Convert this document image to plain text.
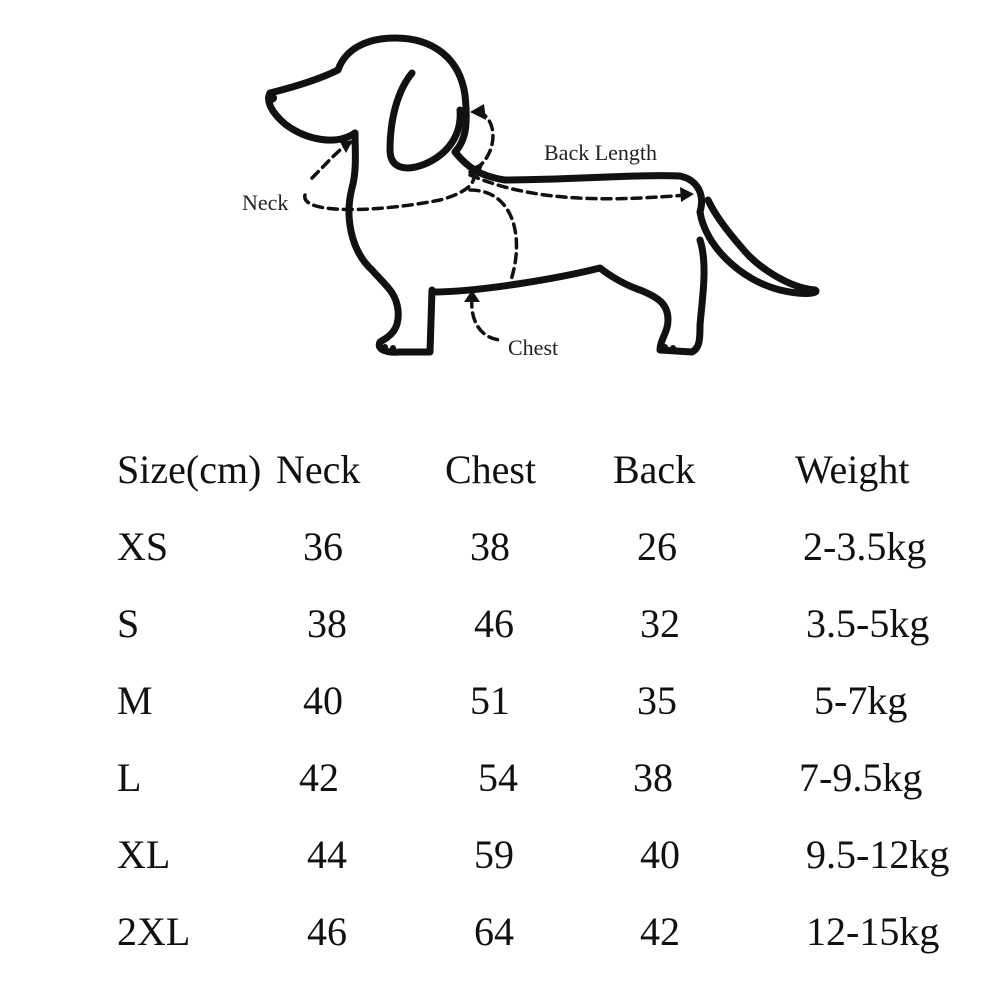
Back Length
Neck
Chest
Size(cm) Neck Chest Back Weight
XS	36	38	26	2-3.5kg
S	38	46	32	3.5-5kg
M	40	51	35	5-7kg
L	42	54	38	7-9.5kg
XL	44	59	40	9.5-12kg
2XL	46	64	42	12-15kg
